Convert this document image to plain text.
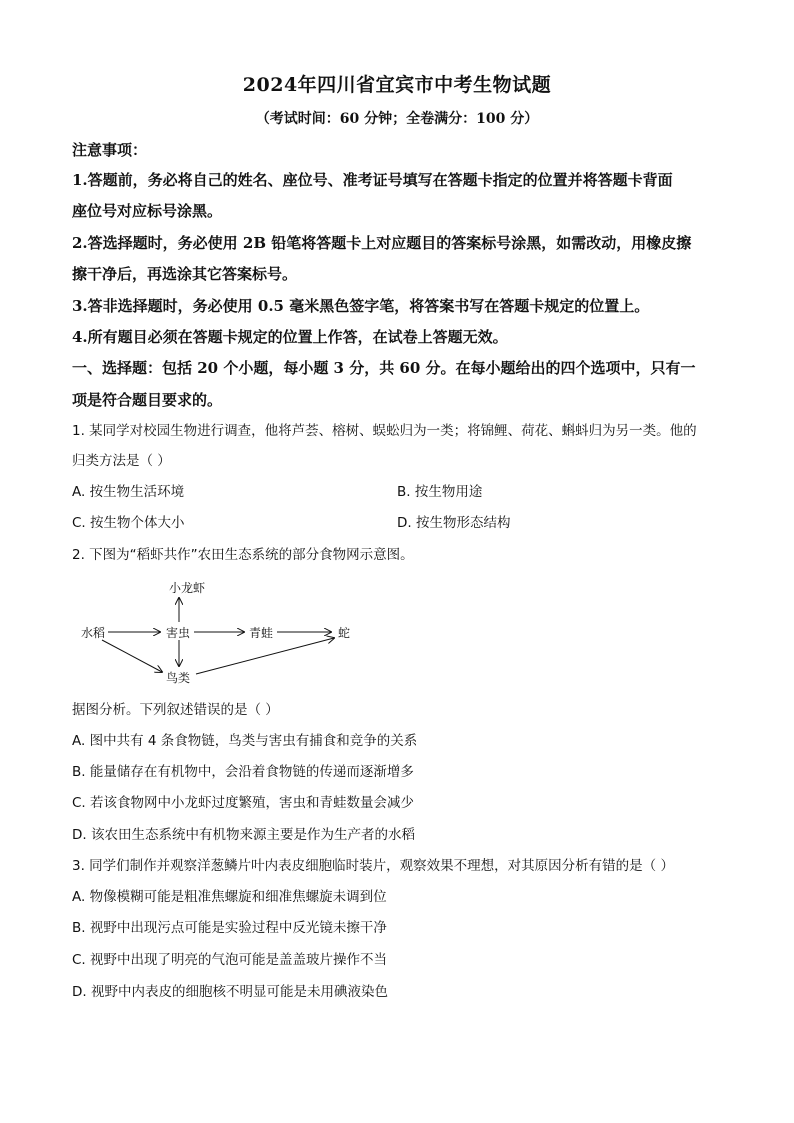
2024年四川省宜宾市中考生物试题
（考试时间：60 分钟；全卷满分：100 分）
注意事项：
1.答题前，务必将自己的姓名、座位号、准考证号填写在答题卡指定的位置并将答题卡背面
座位号对应标号涂黑。
2.答选择题时，务必使用 2B 铅笔将答题卡上对应题目的答案标号涂黑，如需改动，用橡皮擦
擦干净后，再选涂其它答案标号。
3.答非选择题时，务必使用 0.5 毫米黑色签字笔，将答案书写在答题卡规定的位置上。
4.所有题目必须在答题卡规定的位置上作答，在试卷上答题无效。
一、选择题：包括 20 个小题，每小题 3 分，共 60 分。在每小题给出的四个选项中，只有一
项是符合题目要求的。
1. 某同学对校园生物进行调查，他将芦荟、榕树、蜈蚣归为一类；将锦鲤、荷花、蝌蚪归为另一类。他的
归类方法是（ ）
A. 按生物生活环境	B. 按生物用途
C. 按生物个体大小	D. 按生物形态结构
2. 下图为“稻虾共作”农田生态系统的部分食物网示意图。
小龙虾
水稻	害虫	青蛙	蛇
鸟类
据图分析。下列叙述错误的是（ ）
A. 图中共有 4 条食物链，鸟类与害虫有捕食和竞争的关系
B. 能量储存在有机物中，会沿着食物链的传递而逐渐增多
C. 若该食物网中小龙虾过度繁殖，害虫和青蛙数量会减少
D. 该农田生态系统中有机物来源主要是作为生产者的水稻
3. 同学们制作并观察洋葱鳞片叶内表皮细胞临时装片，观察效果不理想，对其原因分析有错的是（ ）
A. 物像模糊可能是粗准焦螺旋和细准焦螺旋未调到位
B. 视野中出现污点可能是实验过程中反光镜未擦干净
C. 视野中出现了明亮的气泡可能是盖盖玻片操作不当
D. 视野中内表皮的细胞核不明显可能是未用碘液染色
